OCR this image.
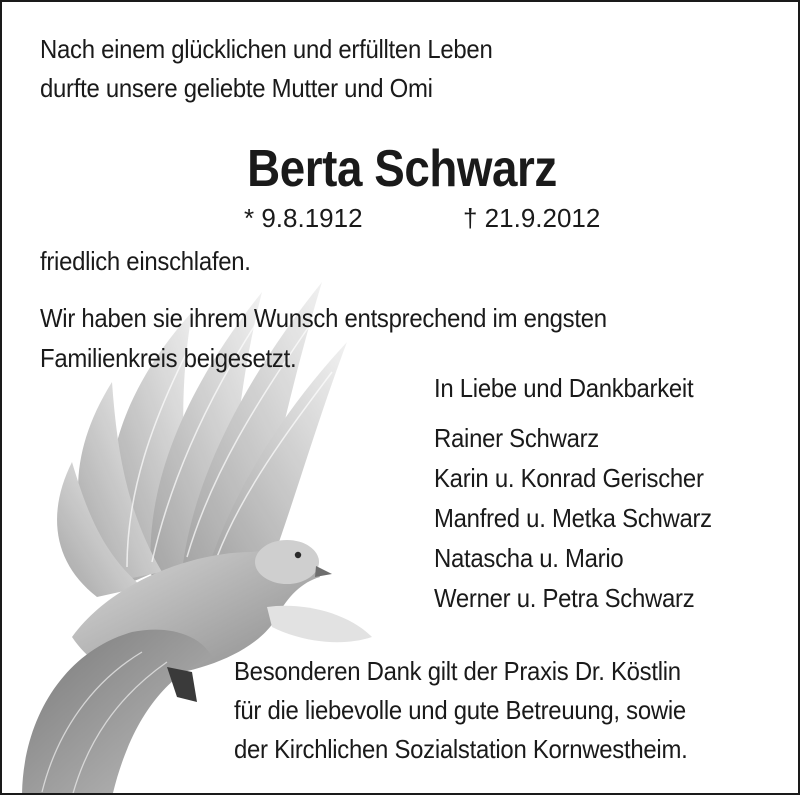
Nach einem glücklichen und erfüllten Leben
durfte unsere geliebte Mutter und Omi
Berta Schwarz
* 9.8.1912	† 21.9.2012
friedlich einschlafen.
Wir haben sie ihrem Wunsch entsprechend im engsten
Familienkreis beigesetzt.
In Liebe und Dankbarkeit
Rainer Schwarz
Karin u. Konrad Gerischer
Manfred u. Metka Schwarz
Natascha u. Mario
Werner u. Petra Schwarz
Besonderen Dank gilt der Praxis Dr. Köstlin
für die liebevolle und gute Betreuung, sowie
der Kirchlichen Sozialstation Kornwestheim.
